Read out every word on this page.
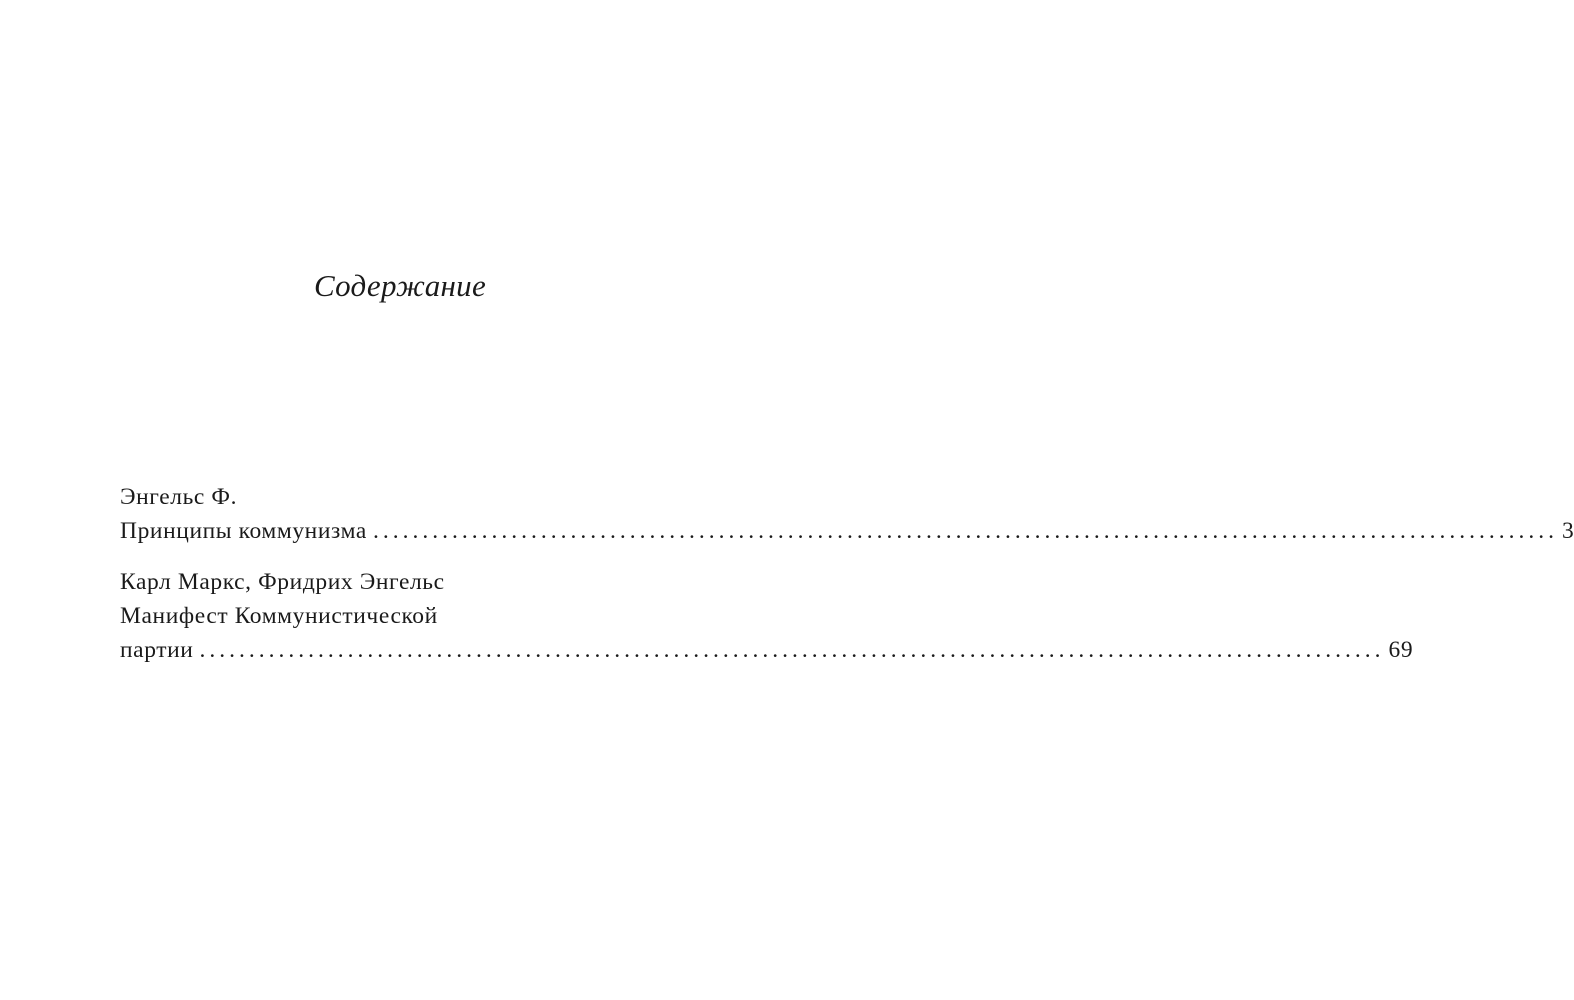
Содержание
Энгельс Ф.
Принципы коммунизма ........................................................................................................................ 3
Карл Маркс, Фридрих Энгельс
Манифест Коммунистической
партии ........................................................................................................................ 69
